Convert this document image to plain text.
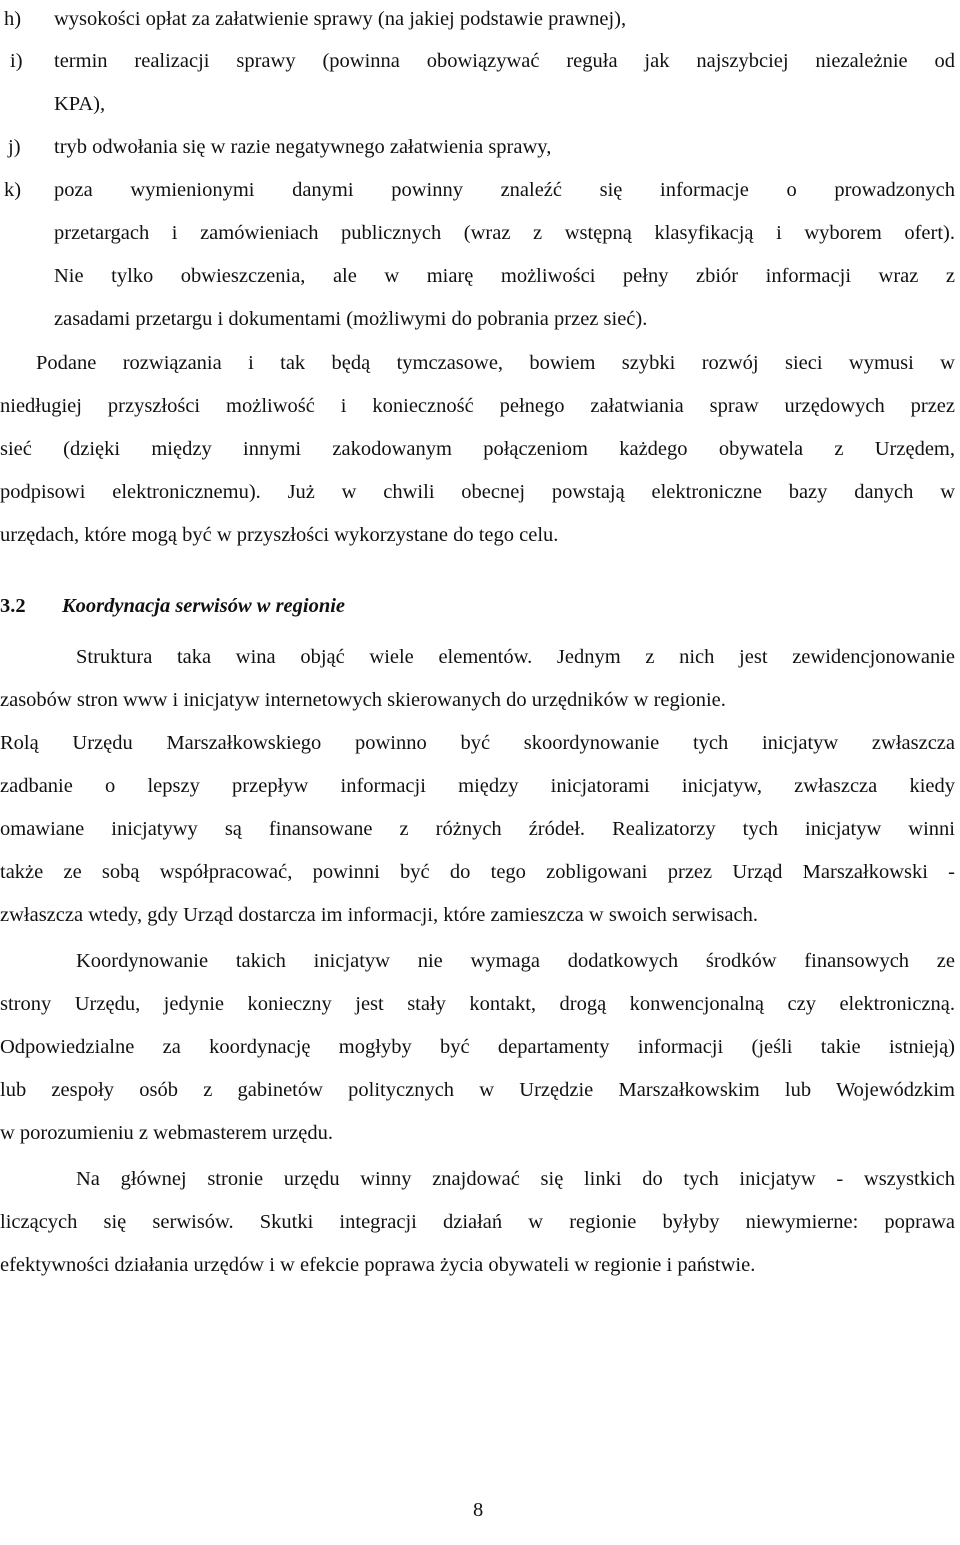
h) wysokości opłat za załatwienie sprawy (na jakiej podstawie prawnej),
i) termin realizacji sprawy (powinna obowiązywać reguła jak najszybciej niezależnie od
KPA),
j) tryb odwołania się w razie negatywnego załatwienia sprawy,
k) poza wymienionymi danymi powinny znaleźć się informacje o prowadzonych
przetargach i zamówieniach publicznych (wraz z wstępną klasyfikacją i wyborem ofert).
Nie tylko obwieszczenia, ale w miarę możliwości pełny zbiór informacji wraz z
zasadami przetargu i dokumentami (możliwymi do pobrania przez sieć).
Podane rozwiązania i tak będą tymczasowe, bowiem szybki rozwój sieci wymusi w
niedługiej przyszłości możliwość i konieczność pełnego załatwiania spraw urzędowych przez
sieć (dzięki między innymi zakodowanym połączeniom każdego obywatela z Urzędem,
podpisowi elektronicznemu). Już w chwili obecnej powstają elektroniczne bazy danych w
urzędach, które mogą być w przyszłości wykorzystane do tego celu.
3.2 Koordynacja serwisów w regionie
Struktura taka wina objąć wiele elementów. Jednym z nich jest zewidencjonowanie
zasobów stron www i inicjatyw internetowych skierowanych do urzędników w regionie.
Rolą Urzędu Marszałkowskiego powinno być skoordynowanie tych inicjatyw zwłaszcza
zadbanie o lepszy przepływ informacji między inicjatorami inicjatyw, zwłaszcza kiedy
omawiane inicjatywy są finansowane z różnych źródeł. Realizatorzy tych inicjatyw winni
także ze sobą współpracować, powinni być do tego zobligowani przez Urząd Marszałkowski -
zwłaszcza wtedy, gdy Urząd dostarcza im informacji, które zamieszcza w swoich serwisach.
Koordynowanie takich inicjatyw nie wymaga dodatkowych środków finansowych ze
strony Urzędu, jedynie konieczny jest stały kontakt, drogą konwencjonalną czy elektroniczną.
Odpowiedzialne za koordynację mogłyby być departamenty informacji (jeśli takie istnieją)
lub zespoły osób z gabinetów politycznych w Urzędzie Marszałkowskim lub Wojewódzkim
w porozumieniu z webmasterem urzędu.
Na głównej stronie urzędu winny znajdować się linki do tych inicjatyw - wszystkich
liczących się serwisów. Skutki integracji działań w regionie byłyby niewymierne: poprawa
efektywności działania urzędów i w efekcie poprawa życia obywateli w regionie i państwie.
8
